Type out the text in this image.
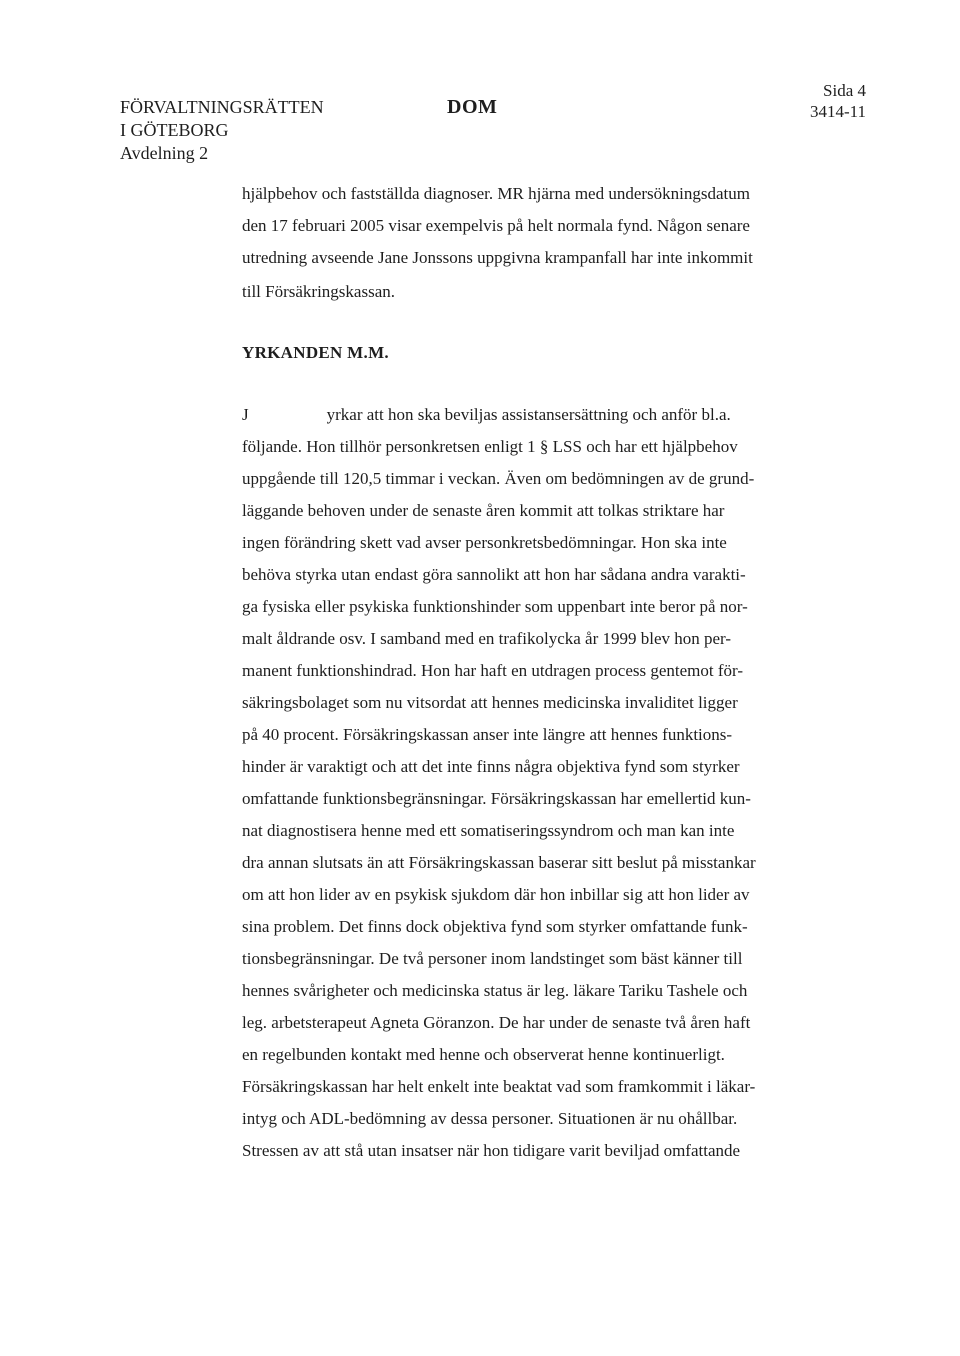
FÖRVALTNINGSRÄTTEN
I GÖTEBORG
Avdelning 2
DOM
Sida 4
3414-11
hjälpbehov och fastställda diagnoser. MR hjärna med undersökningsdatum
den 17 februari 2005 visar exempelvis på helt normala fynd. Någon senare
utredning avseende Jane Jonssons uppgivna krampanfall har inte inkommit
till Försäkringskassan.
YRKANDEN M.M.
J	yrkar att hon ska beviljas assistansersättning och anför bl.a.
följande. Hon tillhör personkretsen enligt 1 § LSS och har ett hjälpbehov
uppgående till 120,5 timmar i veckan. Även om bedömningen av de grund-
läggande behoven under de senaste åren kommit att tolkas striktare har
ingen förändring skett vad avser personkretsbedömningar. Hon ska inte
behöva styrka utan endast göra sannolikt att hon har sådana andra varakti-
ga fysiska eller psykiska funktionshinder som uppenbart inte beror på nor-
malt åldrande osv. I samband med en trafikolycka år 1999 blev hon per-
manent funktionshindrad. Hon har haft en utdragen process gentemot för-
säkringsbolaget som nu vitsordat att hennes medicinska invaliditet ligger
på 40 procent. Försäkringskassan anser inte längre att hennes funktions-
hinder är varaktigt och att det inte finns några objektiva fynd som styrker
omfattande funktionsbegränsningar. Försäkringskassan har emellertid kun-
nat diagnostisera henne med ett somatiseringssyndrom och man kan inte
dra annan slutsats än att Försäkringskassan baserar sitt beslut på misstankar
om att hon lider av en psykisk sjukdom där hon inbillar sig att hon lider av
sina problem. Det finns dock objektiva fynd som styrker omfattande funk-
tionsbegränsningar. De två personer inom landstinget som bäst känner till
hennes svårigheter och medicinska status är leg. läkare Tariku Tashele och
leg. arbetsterapeut Agneta Göranzon. De har under de senaste två åren haft
en regelbunden kontakt med henne och observerat henne kontinuerligt.
Försäkringskassan har helt enkelt inte beaktat vad som framkommit i läkar-
intyg och ADL-bedömning av dessa personer. Situationen är nu ohållbar.
Stressen av att stå utan insatser när hon tidigare varit beviljad omfattande
